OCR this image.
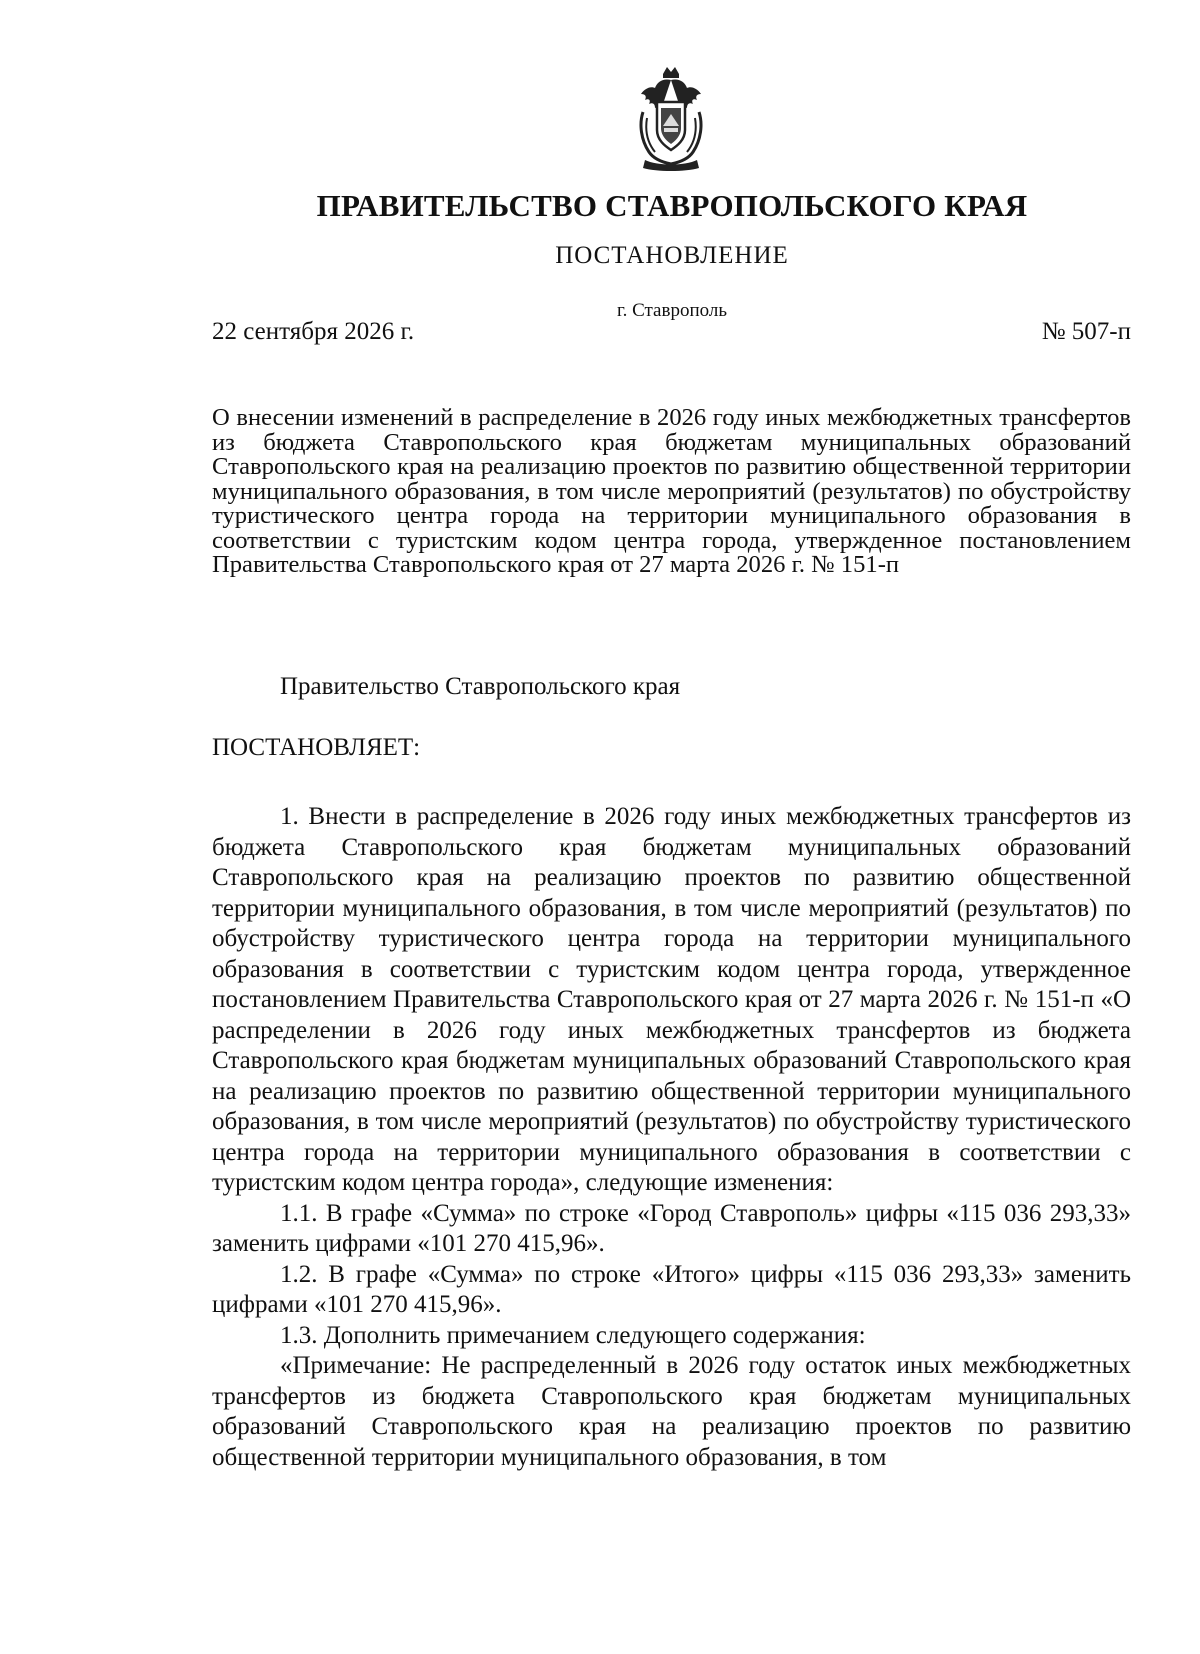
ПРАВИТЕЛЬСТВО СТАВРОПОЛЬСКОГО КРАЯ
ПОСТАНОВЛЕНИЕ
г. Ставрополь
22 сентября 2026 г.	№ 507-п
О внесении изменений в распределение в 2026 году иных межбюджетных трансфертов из бюджета Ставропольского края бюджетам муниципальных образований Ставропольского края на реализацию проектов по развитию общественной территории муниципального образования, в том числе мероприятий (результатов) по обустройству туристического центра города на территории муниципального образования в соответствии с туристским кодом центра города, утвержденное постановлением Правительства Ставропольского края от 27 марта 2026 г. № 151-п
Правительство Ставропольского края
ПОСТАНОВЛЯЕТ:

1. Внести в распределение в 2026 году иных межбюджетных трансфертов из бюджета Ставропольского края бюджетам муниципальных образований Ставропольского края на реализацию проектов по развитию общественной территории муниципального образования, в том числе мероприятий (результатов) по обустройству туристического центра города на территории муниципального образования в соответствии с туристским кодом центра города, утвержденное постановлением Правительства Ставропольского края от 27 марта 2026 г. № 151-п «О распределении в 2026 году иных межбюджетных трансфертов из бюджета Ставропольского края бюджетам муниципальных образований Ставропольского края на реализацию проектов по развитию общественной территории муниципального образования, в том числе мероприятий (результатов) по обустройству туристического центра города на территории муниципального образования в соответствии с туристским кодом центра города», следующие изменения:

1.1. В графе «Сумма» по строке «Город Ставрополь» цифры «115 036 293,33» заменить цифрами «101 270 415,96».

1.2. В графе «Сумма» по строке «Итого» цифры «115 036 293,33» заменить цифрами «101 270 415,96».

1.3. Дополнить примечанием следующего содержания:

«Примечание: Не распределенный в 2026 году остаток иных межбюджетных трансфертов из бюджета Ставропольского края бюджетам муниципальных образований Ставропольского края на реализацию проектов по развитию общественной территории муниципального образования, в том
